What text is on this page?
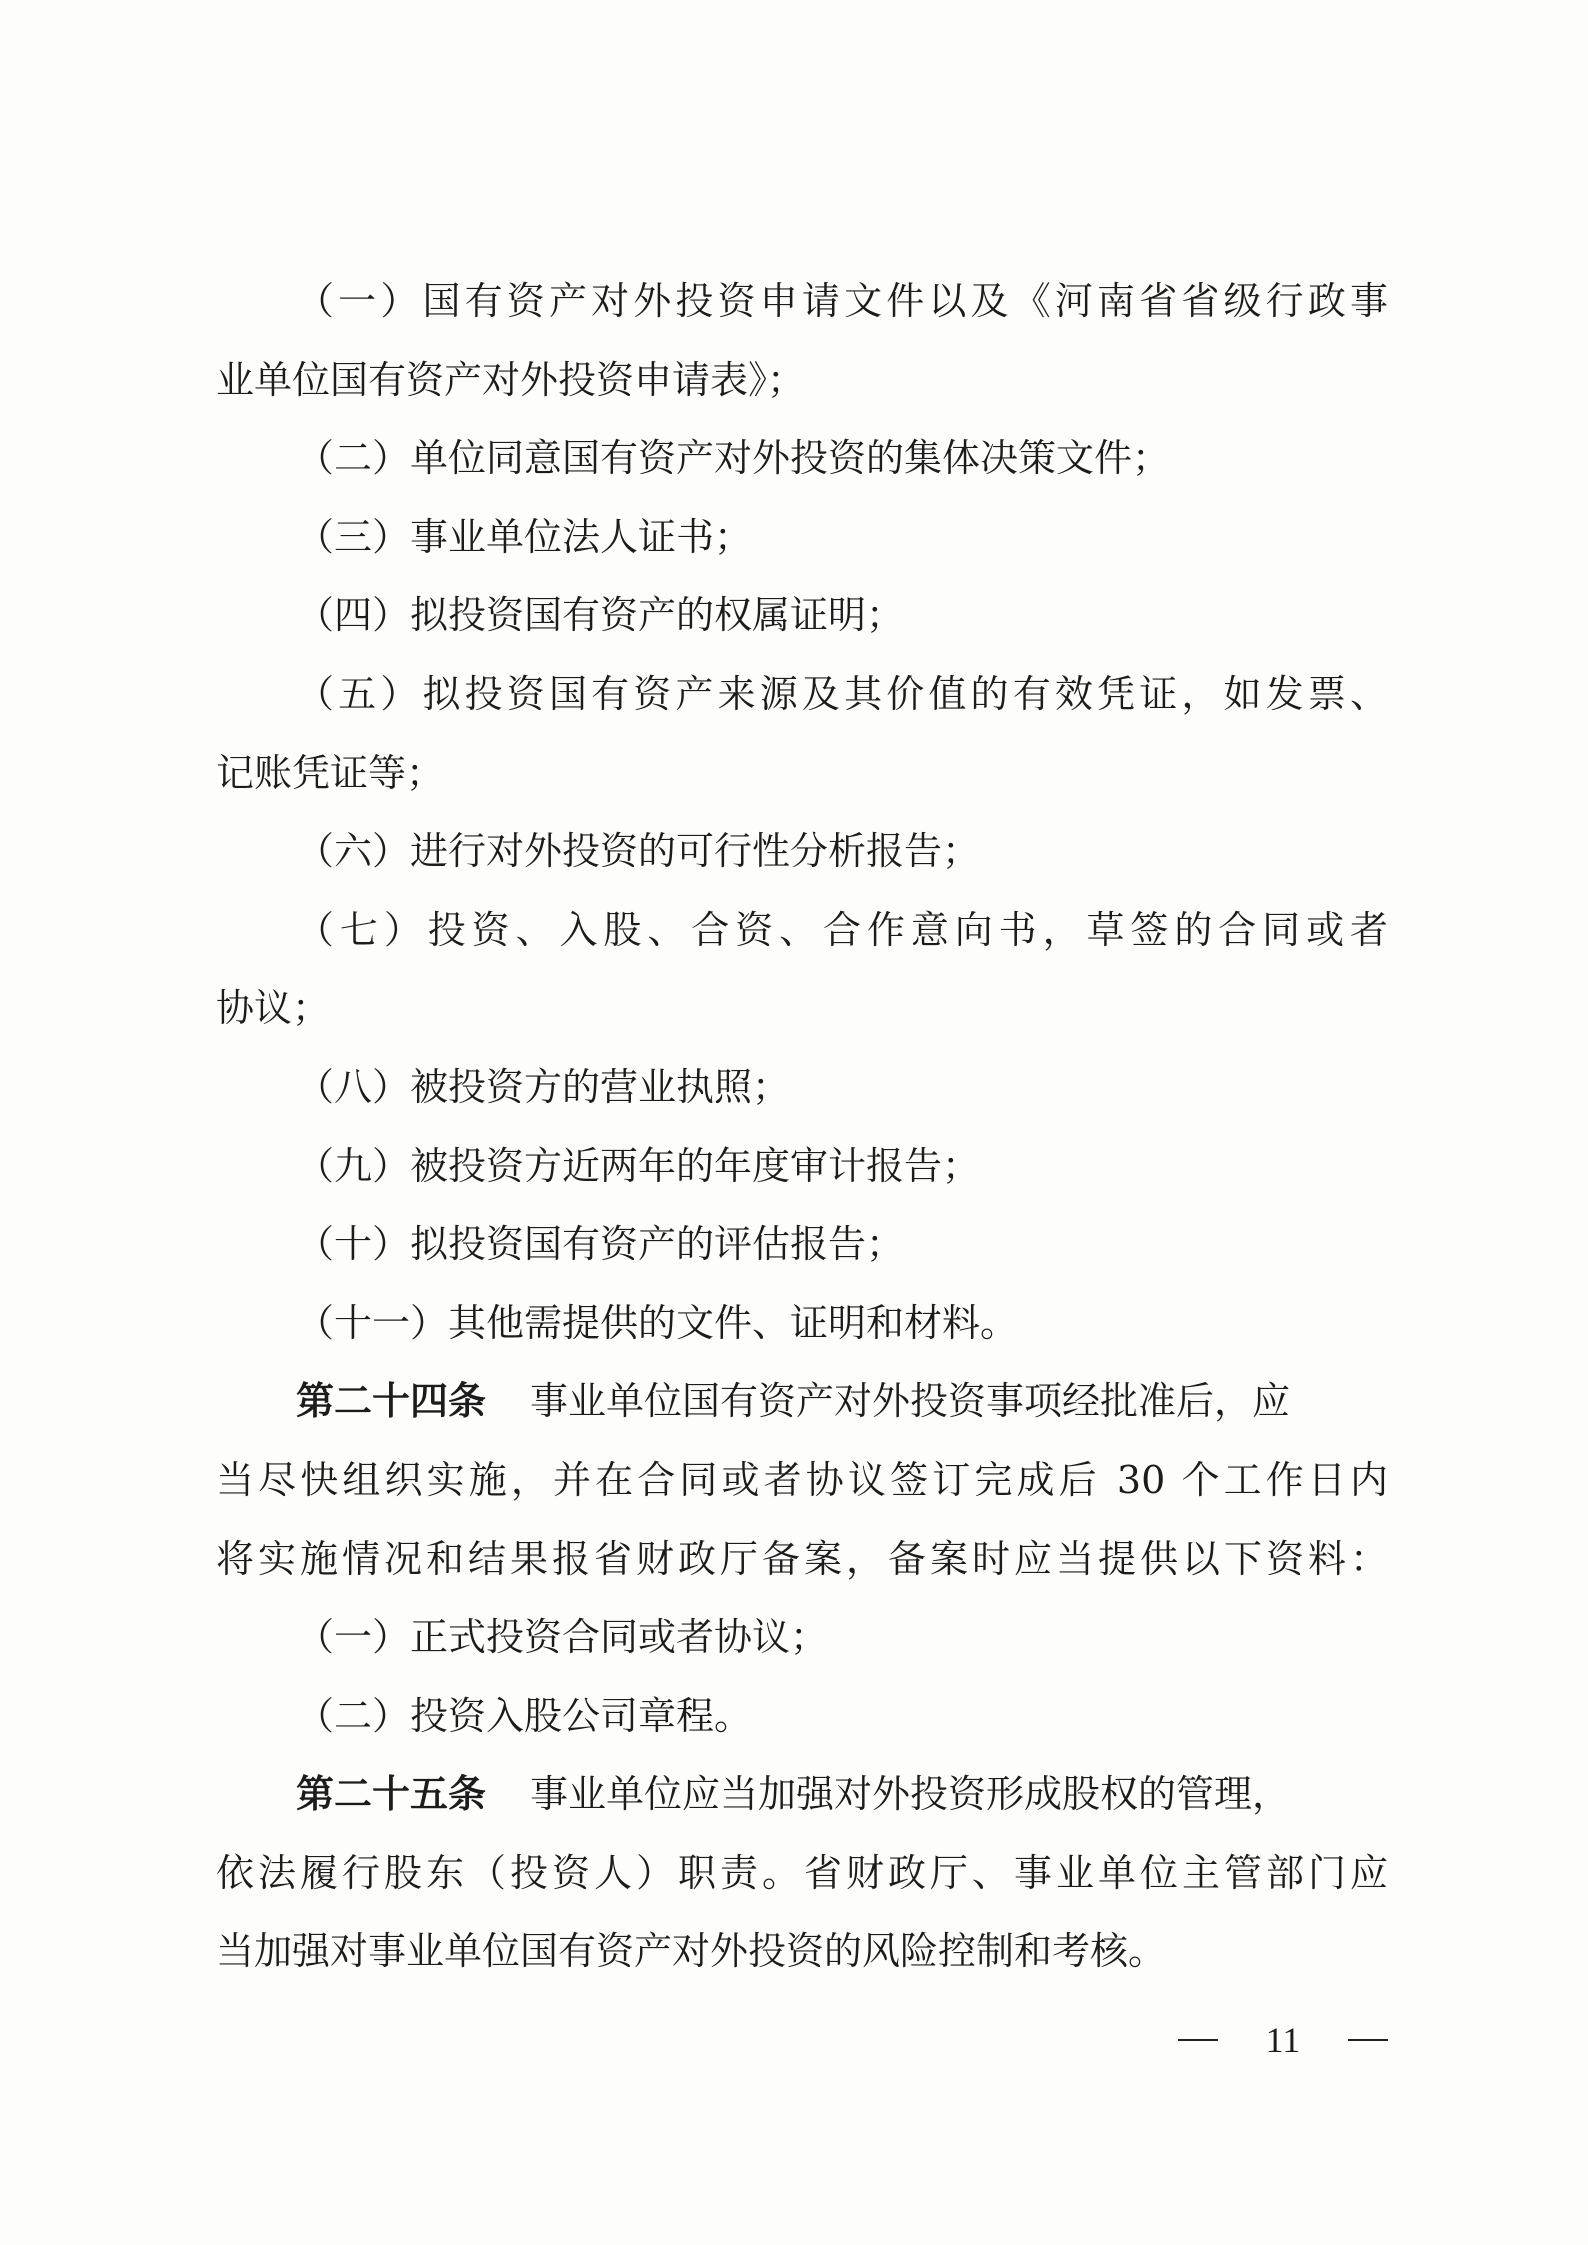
（一）国有资产对外投资申请文件以及《河南省省级行政事
业单位国有资产对外投资申请表》；
（二）单位同意国有资产对外投资的集体决策文件；
（三）事业单位法人证书；
（四）拟投资国有资产的权属证明；
（五）拟投资国有资产来源及其价值的有效凭证，如发票、
记账凭证等；
（六）进行对外投资的可行性分析报告；
（七）投资、入股、合资、合作意向书，草签的合同或者
协议；
（八）被投资方的营业执照；
（九）被投资方近两年的年度审计报告；
（十）拟投资国有资产的评估报告；
（十一）其他需提供的文件、证明和材料。
第二十四条 事业单位国有资产对外投资事项经批准后，应
当尽快组织实施，并在合同或者协议签订完成后 30 个工作日内
将实施情况和结果报省财政厅备案，备案时应当提供以下资料：
（一）正式投资合同或者协议；
（二）投资入股公司章程。
第二十五条 事业单位应当加强对外投资形成股权的管理，
依法履行股东（投资人）职责。省财政厅、事业单位主管部门应
当加强对事业单位国有资产对外投资的风险控制和考核。
11
